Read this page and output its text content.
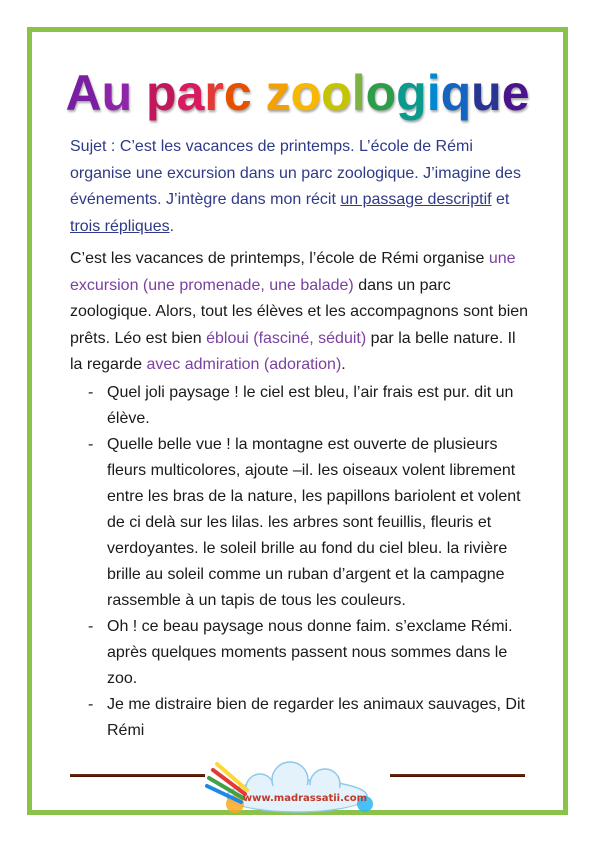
Au parc zoologique
Sujet : C’est les vacances de printemps. L’école de Rémi organise une excursion dans un parc zoologique. J’imagine des événements. J’intègre dans mon récit un passage descriptif et trois répliques.
C’est les vacances de printemps, l’école de Rémi organise une excursion (une promenade, une balade) dans un parc zoologique. Alors, tout les élèves et les accompagnons sont bien prêts. Léo est bien ébloui (fasciné, séduit) par la belle nature. Il la regarde avec admiration (adoration).
- Quel joli paysage ! le ciel est bleu, l’air frais est pur. dit un élève.
- Quelle belle vue ! la montagne est ouverte de plusieurs fleurs multicolores, ajoute –il. les oiseaux volent librement entre les bras de la nature, les papillons bariolent et volent de ci delà sur les lilas. les arbres sont feuillis, fleuris et verdoyantes. le soleil brille au fond du ciel bleu. la rivière brille au soleil comme un ruban d’argent et la campagne rassemble à un tapis de tous les couleurs.
- Oh ! ce beau paysage nous donne faim. s’exclame Rémi. après quelques moments passent nous sommes dans le zoo.
- Je me distraire bien de regarder les animaux sauvages, Dit Rémi
www.madrassatii.com
